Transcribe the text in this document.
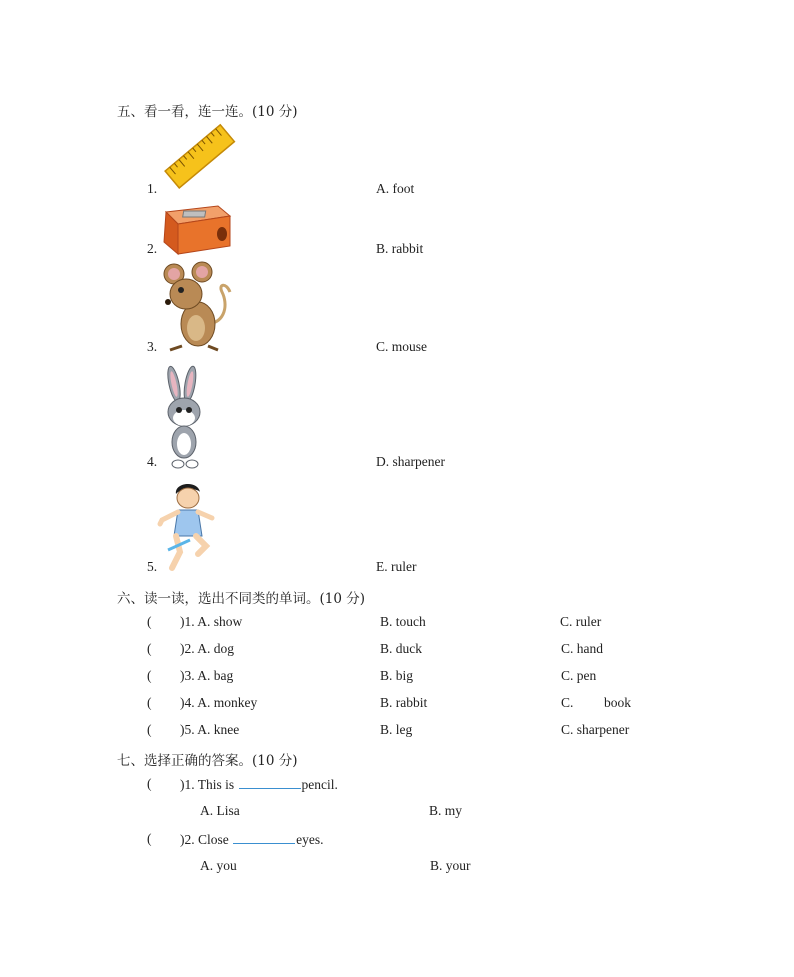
五、看一看，连一连。(10 分)
1.	A. foot
2.	B. rabbit
3.	C. mouse
4.	D. sharpener
5.	E. ruler
六、读一读，选出不同类的单词。(10 分)
( )1. A. show	B. touch	C. ruler
( )2. A. dog	B. duck	C. hand
( )3. A. bag	B. big	C. pen
( )4. A. monkey	B. rabbit	C. book
( )5. A. knee	B. leg	C. sharpener
七、选择正确的答案。(10 分)
( )1. This is	pencil.
A. Lisa	B. my
( )2. Close	eyes.
A. you	B. your
